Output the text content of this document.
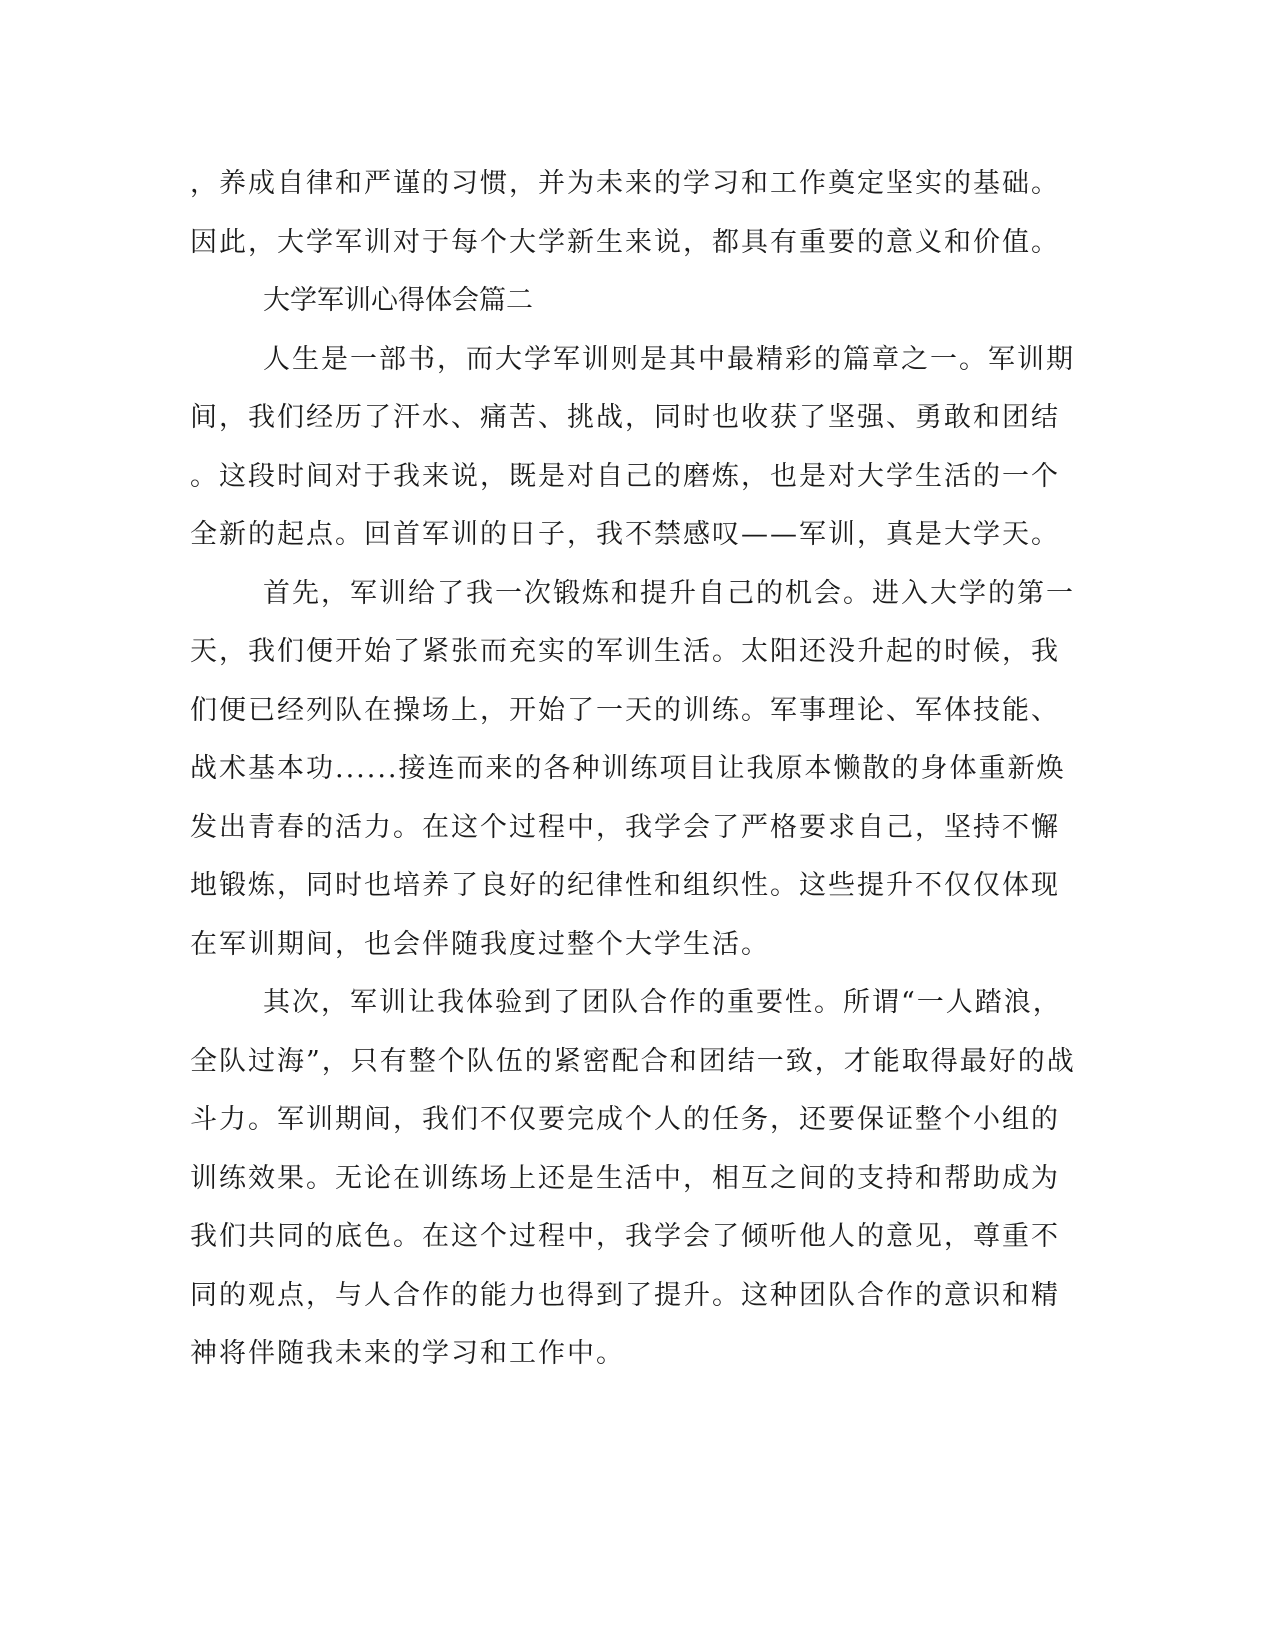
，养成自律和严谨的习惯，并为未来的学习和工作奠定坚实的基础。
因此，大学军训对于每个大学新生来说，都具有重要的意义和价值。
大学军训心得体会篇二
人生是一部书，而大学军训则是其中最精彩的篇章之一。军训期
间，我们经历了汗水、痛苦、挑战，同时也收获了坚强、勇敢和团结
。这段时间对于我来说，既是对自己的磨炼，也是对大学生活的一个
全新的起点。回首军训的日子，我不禁感叹——军训，真是大学天。
首先，军训给了我一次锻炼和提升自己的机会。进入大学的第一
天，我们便开始了紧张而充实的军训生活。太阳还没升起的时候，我
们便已经列队在操场上，开始了一天的训练。军事理论、军体技能、
战术基本功......接连而来的各种训练项目让我原本懒散的身体重新焕
发出青春的活力。在这个过程中，我学会了严格要求自己，坚持不懈
地锻炼，同时也培养了良好的纪律性和组织性。这些提升不仅仅体现
在军训期间，也会伴随我度过整个大学生活。
其次，军训让我体验到了团队合作的重要性。所谓“一人踏浪，
全队过海”，只有整个队伍的紧密配合和团结一致，才能取得最好的战
斗力。军训期间，我们不仅要完成个人的任务，还要保证整个小组的
训练效果。无论在训练场上还是生活中，相互之间的支持和帮助成为
我们共同的底色。在这个过程中，我学会了倾听他人的意见，尊重不
同的观点，与人合作的能力也得到了提升。这种团队合作的意识和精
神将伴随我未来的学习和工作中。
